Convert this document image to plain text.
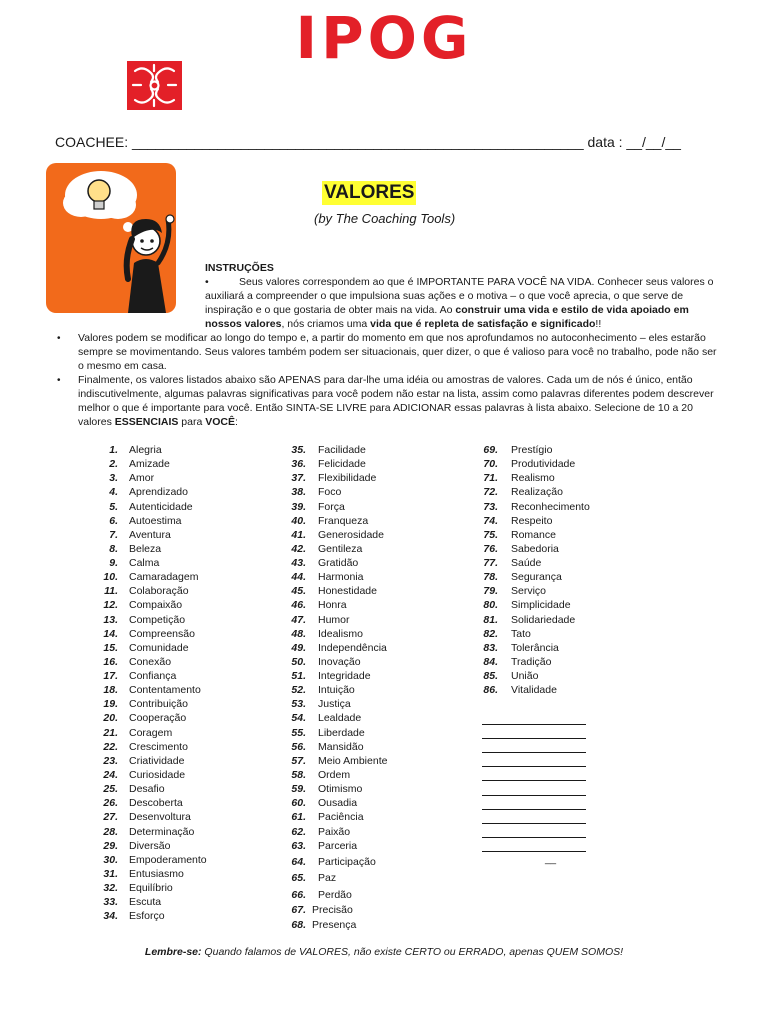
IPOG
COACHEE: __________________________________________________________ data : __/__/__
VALORES
(by The Coaching Tools)
INSTRUÇÕES
•	Seus valores correspondem ao que é IMPORTANTE PARA VOCÊ NA VIDA. Conhecer seus valores o auxiliará a compreender o que impulsiona suas ações e o motiva – o que você aprecia, o que serve de inspiração e o que gostaria de obter mais na vida. Ao construir uma vida e estilo de vida apoiado em nossos valores, nós criamos uma vida que é repleta de satisfação e significado!!
• Valores podem se modificar ao longo do tempo e, a partir do momento em que nos aprofundamos no autoconhecimento – eles estarão sempre se movimentando. Seus valores também podem ser situacionais, quer dizer, o que é valioso para você no trabalho, pode não ser o mesmo em casa.
• Finalmente, os valores listados abaixo são APENAS para dar-lhe uma idéia ou amostras de valores. Cada um de nós é único, então indiscutivelmente, algumas palavras significativas para você podem não estar na lista, assim como palavras diferentes podem descrever melhor o que é importante para você. Então SINTA-SE LIVRE para ADICIONAR essas palavras à lista abaixo. Selecione de 10 a 20 valores ESSENCIAIS para VOCÊ:
1. Alegria
2. Amizade
3. Amor
4. Aprendizado
5. Autenticidade
6. Autoestima
7. Aventura
8. Beleza
9. Calma
10. Camaradagem
11. Colaboração
12. Compaixão
13. Competição
14. Compreensão
15. Comunidade
16. Conexão
17. Confiança
18. Contentamento
19. Contribuição
20. Cooperação
21. Coragem
22. Crescimento
23. Criatividade
24. Curiosidade
25. Desafio
26. Descoberta
27. Desenvoltura
28. Determinação
29. Diversão
30. Empoderamento
31. Entusiasmo
32. Equilíbrio
33. Escuta
34. Esforço
35. Facilidade
36. Felicidade
37. Flexibilidade
38. Foco
39. Força
40. Franqueza
41. Generosidade
42. Gentileza
43. Gratidão
44. Harmonia
45. Honestidade
46. Honra
47. Humor
48. Idealismo
49. Independência
50. Inovação
51. Integridade
52. Intuição
53. Justiça
54. Lealdade
55. Liberdade
56. Mansidão
57. Meio Ambiente
58. Ordem
59. Otimismo
60. Ousadia
61. Paciência
62. Paixão
63. Parceria
64. Participação
65. Paz
66. Perdão
67. Precisão
68. Presença
69. Prestígio
70. Produtividade
71. Realismo
72. Realização
73. Reconhecimento
74. Respeito
75. Romance
76. Sabedoria
77. Saúde
78. Segurança
79. Serviço
80. Simplicidade
81. Solidariedade
82. Tato
83. Tolerância
84. Tradição
85. União
86. Vitalidade
__
Lembre-se: Quando falamos de VALORES, não existe CERTO ou ERRADO, apenas QUEM SOMOS!
